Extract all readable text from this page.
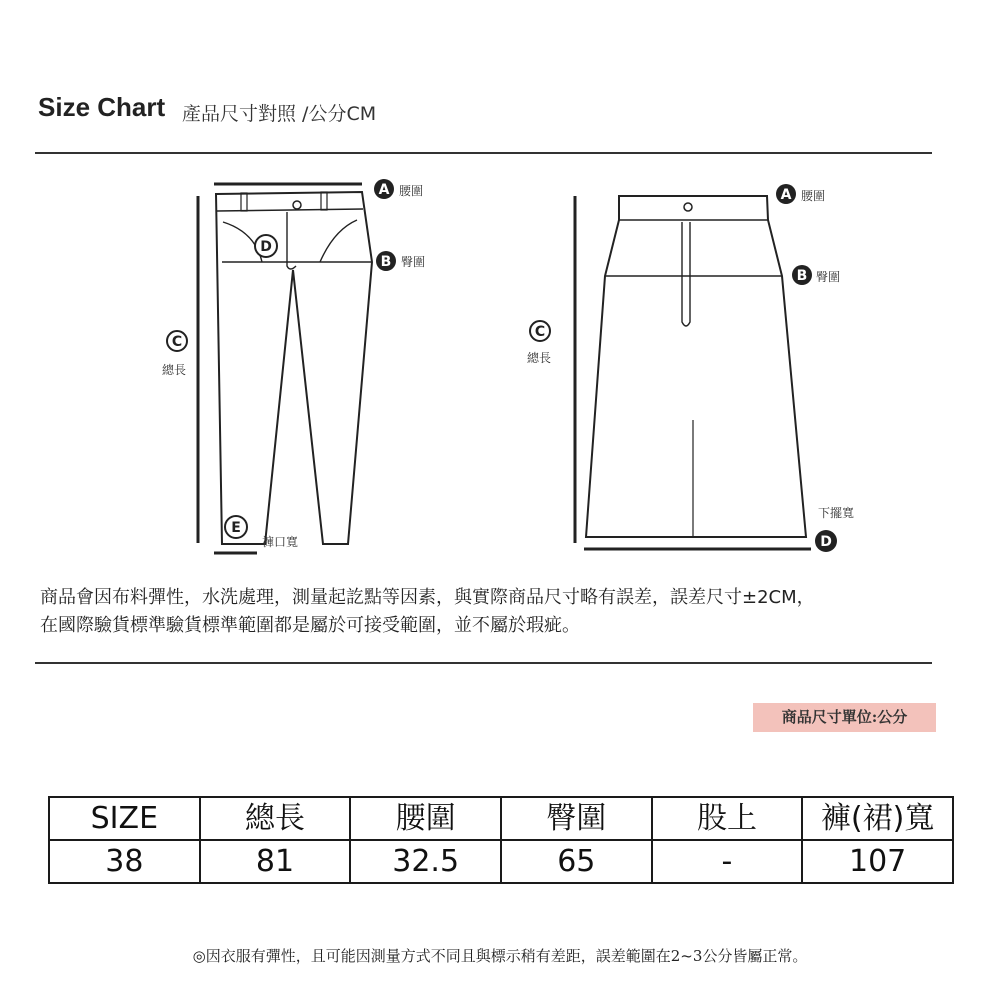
Size Chart 產品尺寸對照 /公分CM
A 腰圍
B 臀圍
D
C
總長
E
褲口寬
A 腰圍
B 臀圍
C
總長
下擺寬
D
商品會因布料彈性，水洗處理，測量起訖點等因素，與實際商品尺寸略有誤差，誤差尺寸±2CM，
在國際驗貨標準驗貨標準範圍都是屬於可接受範圍，並不屬於瑕疵。
商品尺寸單位:公分
SIZE	總長	腰圍	臀圍	股上	褲(裙)寬
38	81	32.5	65	-	107
◎因衣服有彈性，且可能因測量方式不同且與標示稍有差距，誤差範圍在2~3公分皆屬正常。
